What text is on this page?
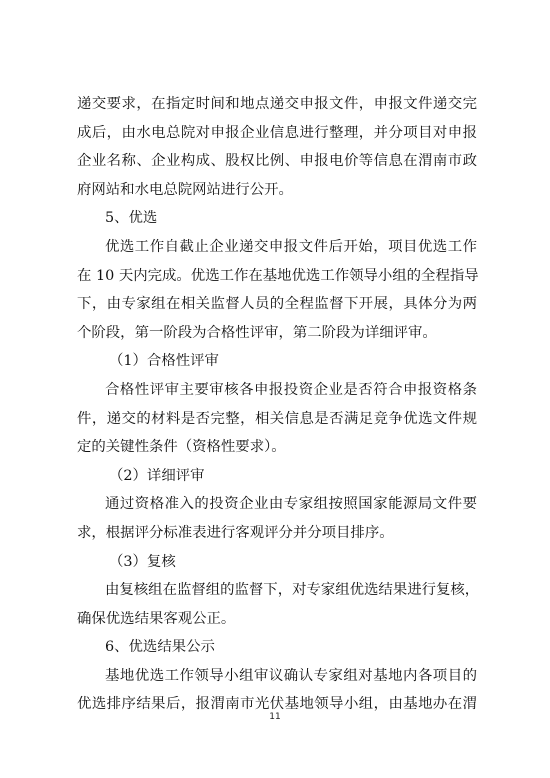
递交要求，在指定时间和地点递交申报文件，申报文件递交完
成后，由水电总院对申报企业信息进行整理，并分项目对申报
企业名称、企业构成、股权比例、申报电价等信息在渭南市政
府网站和水电总院网站进行公开。
5、优选
优选工作自截止企业递交申报文件后开始，项目优选工作
在 10 天内完成。优选工作在基地优选工作领导小组的全程指导
下，由专家组在相关监督人员的全程监督下开展，具体分为两
个阶段，第一阶段为合格性评审，第二阶段为详细评审。
（1）合格性评审
合格性评审主要审核各申报投资企业是否符合申报资格条
件，递交的材料是否完整，相关信息是否满足竞争优选文件规
定的关键性条件（资格性要求）。
（2）详细评审
通过资格准入的投资企业由专家组按照国家能源局文件要
求，根据评分标准表进行客观评分并分项目排序。
（3）复核
由复核组在监督组的监督下，对专家组优选结果进行复核，
确保优选结果客观公正。
6、优选结果公示
基地优选工作领导小组审议确认专家组对基地内各项目的
优选排序结果后，报渭南市光伏基地领导小组，由基地办在渭
11
